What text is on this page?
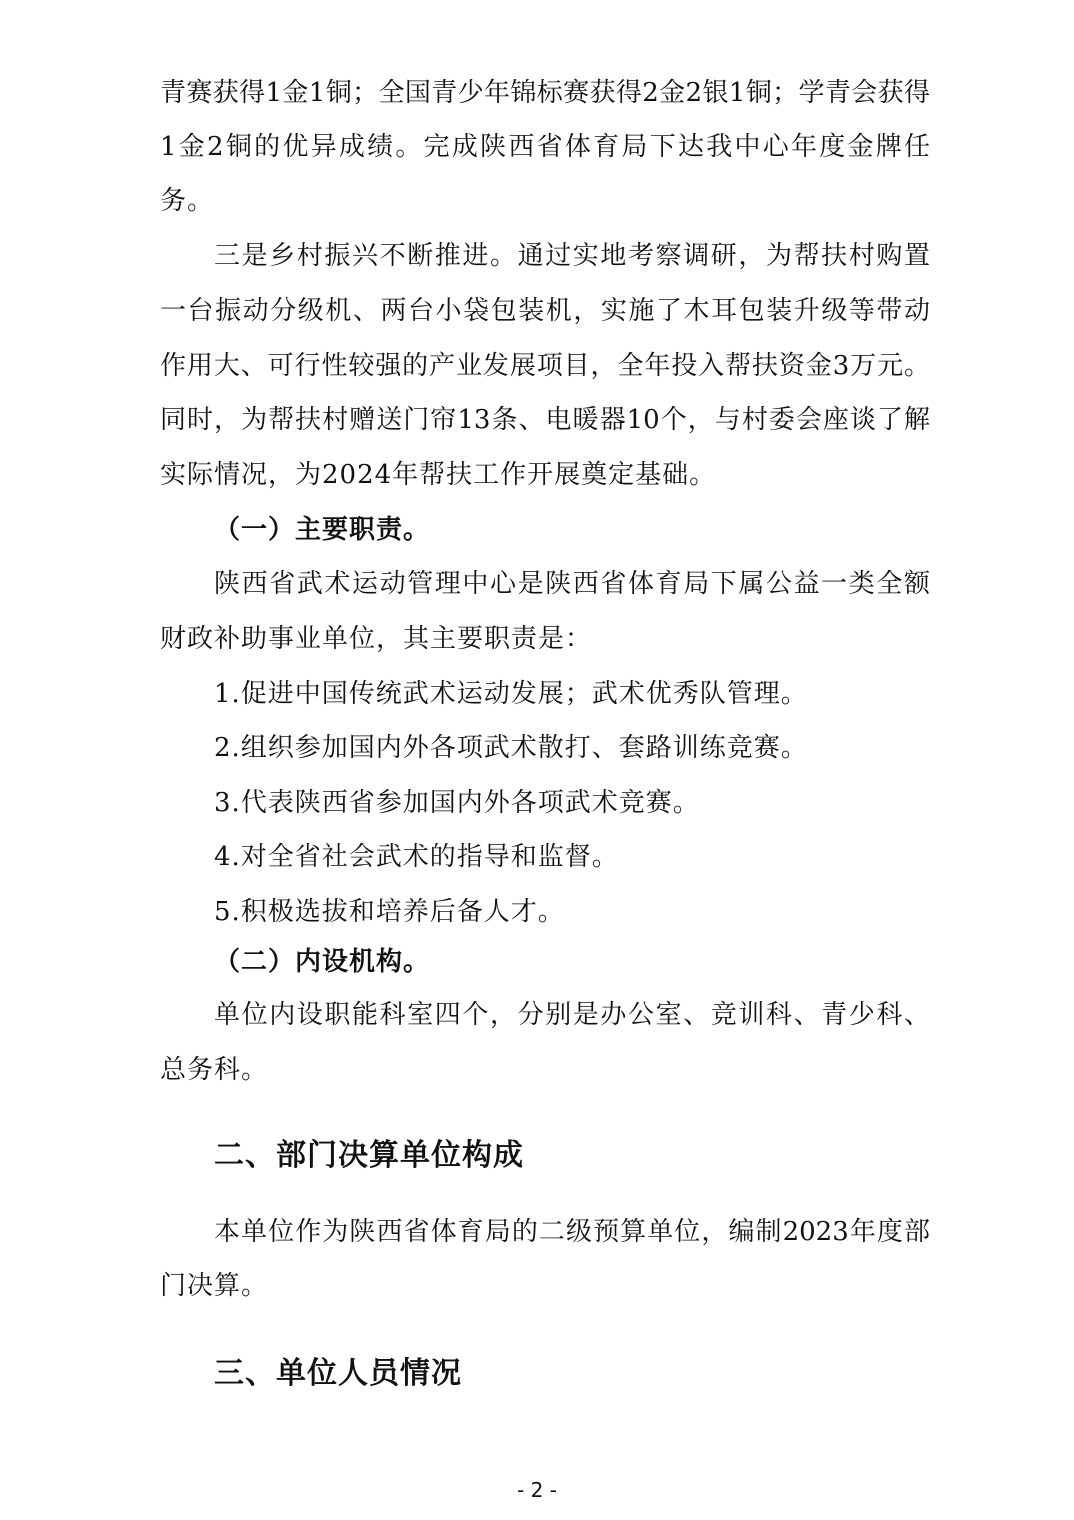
青赛获得1金1铜；全国青少年锦标赛获得2金2银1铜；学青会获得
1金2铜的优异成绩。完成陕西省体育局下达我中心年度金牌任
务。
三是乡村振兴不断推进。通过实地考察调研，为帮扶村购置
一台振动分级机、两台小袋包装机，实施了木耳包装升级等带动
作用大、可行性较强的产业发展项目，全年投入帮扶资金3万元。
同时，为帮扶村赠送门帘13条、电暖器10个，与村委会座谈了解
实际情况，为2024年帮扶工作开展奠定基础。
（一）主要职责。
陕西省武术运动管理中心是陕西省体育局下属公益一类全额
财政补助事业单位，其主要职责是：
1.促进中国传统武术运动发展；武术优秀队管理。
2.组织参加国内外各项武术散打、套路训练竞赛。
3.代表陕西省参加国内外各项武术竞赛。
4.对全省社会武术的指导和监督。
5.积极选拔和培养后备人才。
（二）内设机构。
单位内设职能科室四个，分别是办公室、竞训科、青少科、
总务科。
二、部门决算单位构成
本单位作为陕西省体育局的二级预算单位，编制2023年度部
门决算。
三、单位人员情况
- 2 -
